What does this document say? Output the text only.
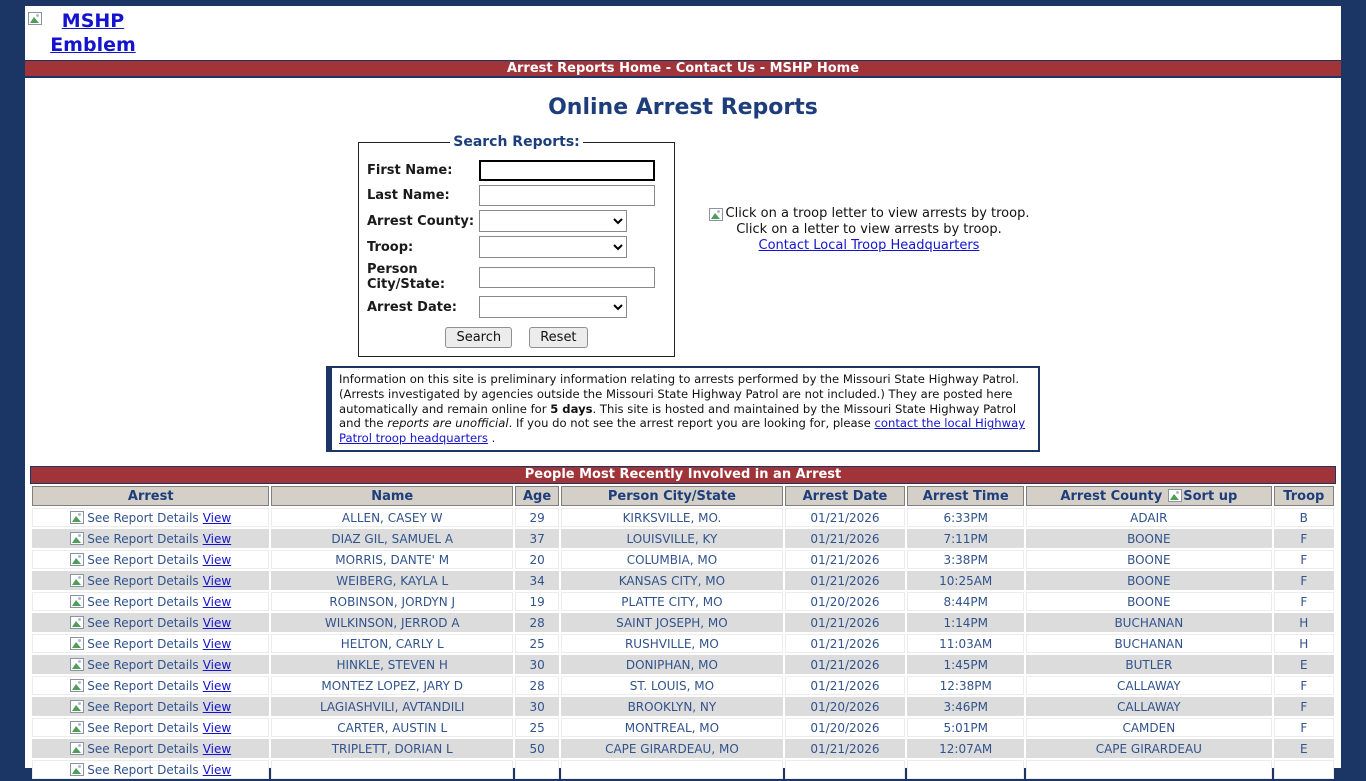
MSHP Emblem
Arrest Reports Home - Contact Us - MSHP Home
Online Arrest Reports
Search Reports:
First Name:
Last Name:
Arrest County:
Troop:
Person City/State:
Arrest Date:
Search	Reset
Click on a troop letter to view arrests by troop.
Click on a letter to view arrests by troop.
Contact Local Troop Headquarters
Information on this site is preliminary information relating to arrests performed by the Missouri State Highway Patrol. (Arrests investigated by agencies outside the Missouri State Highway Patrol are not included.) They are posted here automatically and remain online for 5 days. This site is hosted and maintained by the Missouri State Highway Patrol and the reports are unofficial. If you do not see the arrest report you are looking for, please contact the local Highway Patrol troop headquarters .
People Most Recently Involved in an Arrest
Arrest	Name	Age	Person City/State	Arrest Date	Arrest Time	Arrest County Sort up	Troop

See Report Details View	ALLEN, CASEY W	29	KIRKSVILLE, MO.	01/21/2026	6:33PM	ADAIR	B

See Report Details View	DIAZ GIL, SAMUEL A	37	LOUISVILLE, KY	01/21/2026	7:11PM	BOONE	F

See Report Details View	MORRIS, DANTE' M	20	COLUMBIA, MO	01/21/2026	3:38PM	BOONE	F

See Report Details View	WEIBERG, KAYLA L	34	KANSAS CITY, MO	01/21/2026	10:25AM	BOONE	F

See Report Details View	ROBINSON, JORDYN J	19	PLATTE CITY, MO	01/20/2026	8:44PM	BOONE	F

See Report Details View	WILKINSON, JERROD A	28	SAINT JOSEPH, MO	01/21/2026	1:14PM	BUCHANAN	H

See Report Details View	HELTON, CARLY L	25	RUSHVILLE, MO	01/21/2026	11:03AM	BUCHANAN	H

See Report Details View	HINKLE, STEVEN H	30	DONIPHAN, MO	01/21/2026	1:45PM	BUTLER	E

See Report Details View	MONTEZ LOPEZ, JARY D	28	ST. LOUIS, MO	01/21/2026	12:38PM	CALLAWAY	F

See Report Details View	LAGIASHVILI, AVTANDILI	30	BROOKLYN, NY	01/20/2026	3:46PM	CALLAWAY	F

See Report Details View	CARTER, AUSTIN L	25	MONTREAL, MO	01/20/2026	5:01PM	CAMDEN	F

See Report Details View	TRIPLETT, DORIAN L	50	CAPE GIRARDEAU, MO	01/21/2026	12:07AM	CAPE GIRARDEAU	E

See Report Details View							
